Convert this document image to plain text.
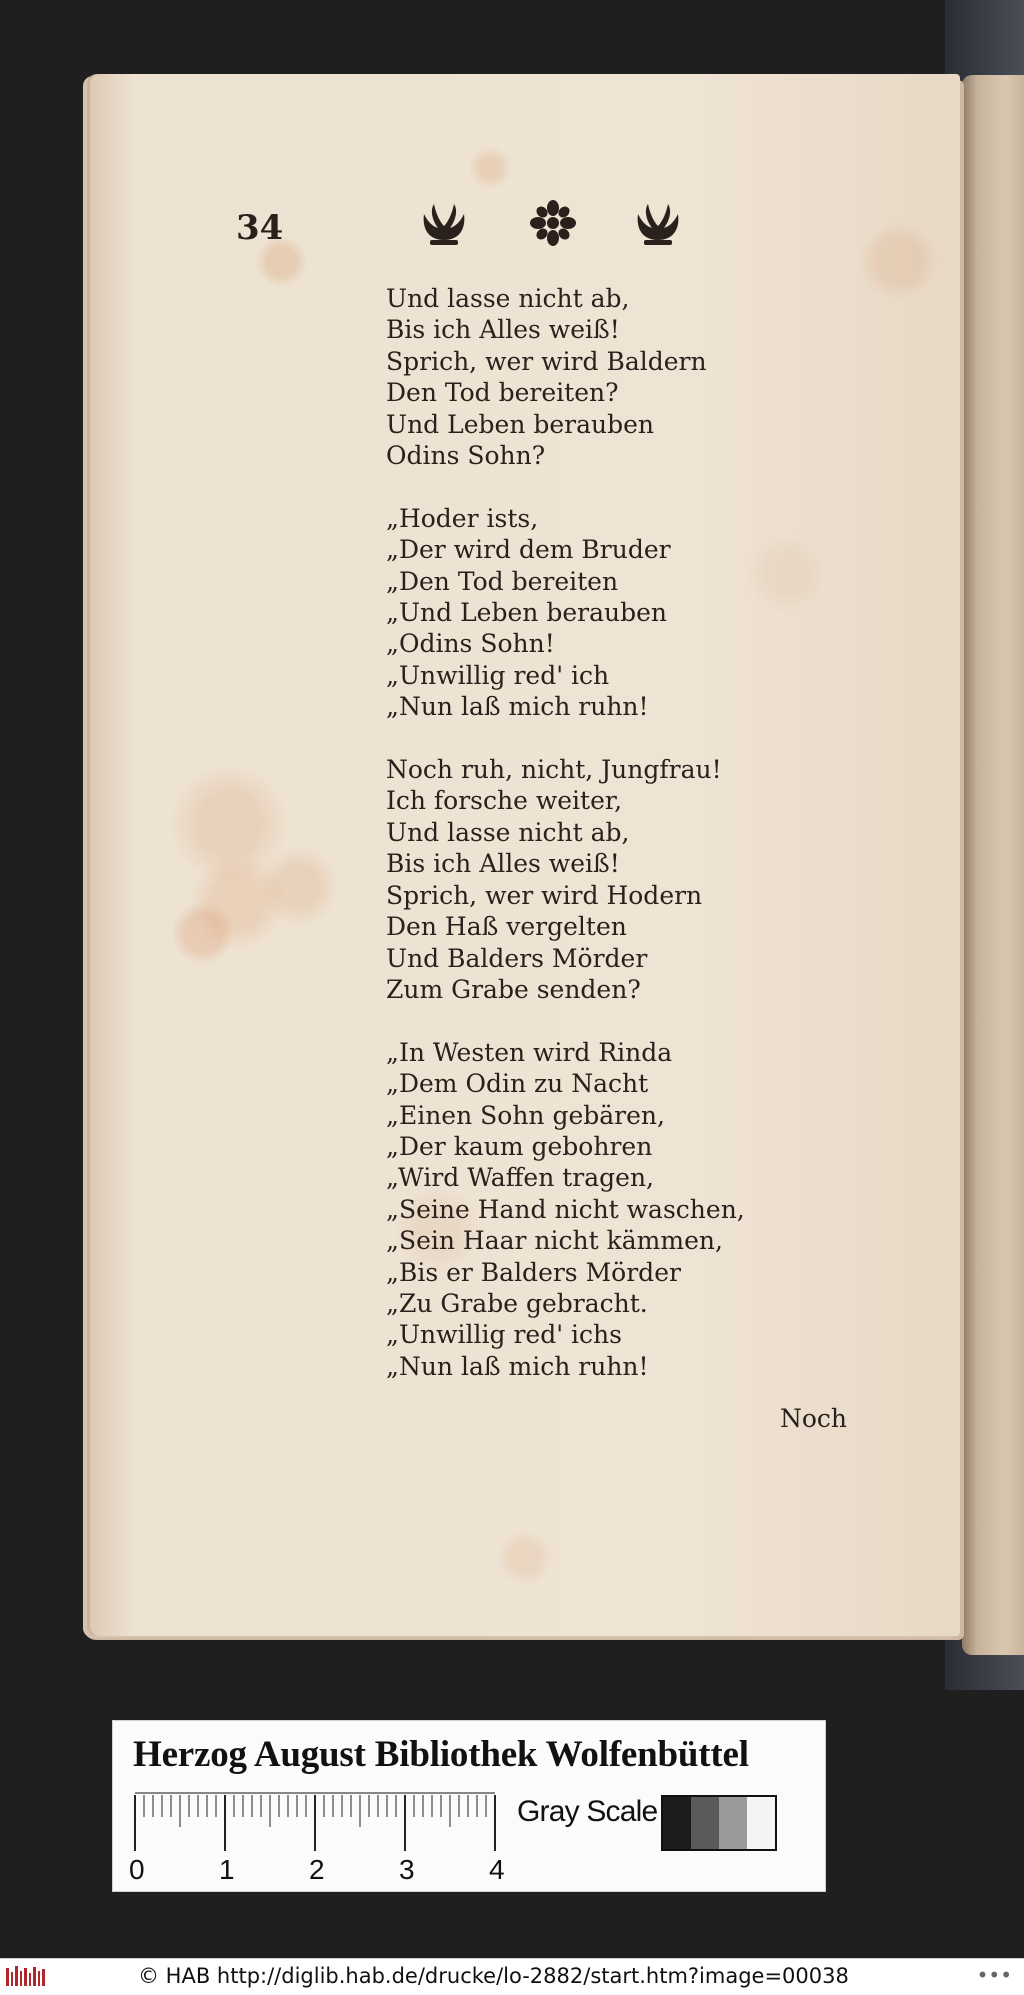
34

Und lasse nicht ab,
Bis ich Alles weiß!
Sprich, wer wird Baldern
Den Tod bereiten?
Und Leben berauben
Odins Sohn?
„Hoder ists,
„Der wird dem Bruder
„Den Tod bereiten
„Und Leben berauben
„Odins Sohn!
„Unwillig red' ich
„Nun laß mich ruhn!
Noch ruh, nicht, Jungfrau!
Ich forsche weiter,
Und lasse nicht ab,
Bis ich Alles weiß!
Sprich, wer wird Hodern
Den Haß vergelten
Und Balders Mörder
Zum Grabe senden?
„In Westen wird Rinda
„Dem Odin zu Nacht
„Einen Sohn gebären,
„Der kaum gebohren
„Wird Waffen tragen,
„Seine Hand nicht waschen,
„Sein Haar nicht kämmen,
„Bis er Balders Mörder
„Zu Grabe gebracht.
„Unwillig red' ichs
„Nun laß mich ruhn!
Noch

Herzog August Bibliothek Wolfenbüttel

0	1	2	3	4
Gray Scale
© HAB http://diglib.hab.de/drucke/lo-2882/start.htm?image=00038	•••
